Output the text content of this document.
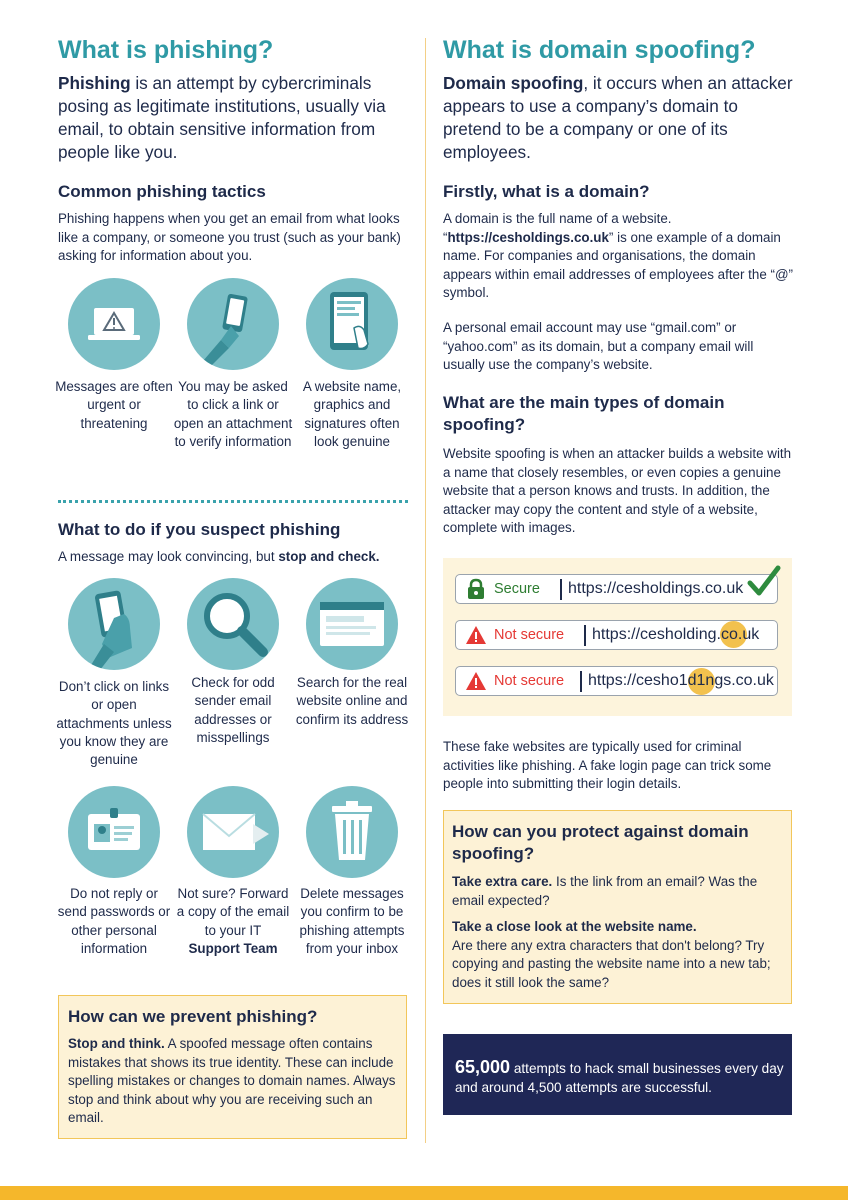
What is phishing?
Phishing is an attempt by cybercriminals posing as legitimate institutions, usually via email, to obtain sensitive information from people like you.
Common phishing tactics
Phishing happens when you get an email from what looks like a company, or someone you trust (such as your bank) asking for information about you.
Messages are often urgent or threatening
You may be asked to click a link or open an attachment to verify information
A website name, graphics and signatures often look genuine
What to do if you suspect phishing
A message may look convincing, but stop and check.
Don’t click on links or open attachments unless you know they are genuine
Check for odd sender email addresses or misspellings
Search for the real website online and confirm its address
Do not reply or send passwords or other personal information
Not sure? Forward a copy of the email to your IT
Support Team
Delete messages you confirm to be phishing attempts from your inbox
How can we prevent phishing?
Stop and think. A spoofed message often contains mistakes that shows its true identity. These can include spelling mistakes or changes to domain names. Always stop and think about why you are receiving such an email.
What is domain spoofing?
Domain spoofing, it occurs when an attacker appears to use a company’s domain to pretend to be a company or one of its employees.
Firstly, what is a domain?
A domain is the full name of a website. “https://cesholdings.co.uk” is one example of a domain name. For companies and organisations, the domain appears within email addresses of employees after the “@” symbol.
A personal email account may use “gmail.com” or “yahoo.com” as its domain, but a company email will usually use the company’s website.
What are the main types of domain spoofing?
Website spoofing is when an attacker builds a website with a name that closely resembles, or even copies a genuine website that a person knows and trusts. In addition, the attacker may copy the content and style of a website, complete with images.
Secure https://cesholdings.co.uk
Not secure https://cesholding.co.uk
Not secure https://cesho1d1ngs.co.uk
These fake websites are typically used for criminal activities like phishing. A fake login page can trick some people into submitting their login details.
How can you protect against domain spoofing?
Take extra care. Is the link from an email? Was the email expected?
Take a close look at the website name.
Are there any extra characters that don't belong? Try copying and pasting the website name into a new tab; does it still look the same?
65,000 attempts to hack small businesses every day and around 4,500 attempts are successful.
